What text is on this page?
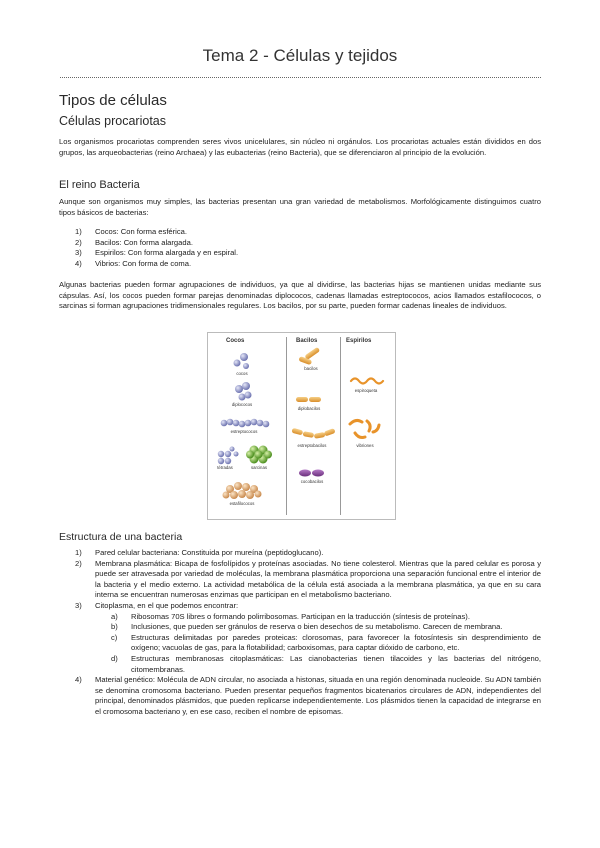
Tema 2 - Células y tejidos
Tipos de células
Células procariotas
Los organismos procariotas comprenden seres vivos unicelulares, sin núcleo ni orgánulos. Los procariotas actuales están divididos en dos grupos, las arqueobacterias (reino Archaea) y las eubacterias (reino Bacteria), que se diferenciaron al principio de la evolución.
El reino Bacteria
Aunque son organismos muy simples, las bacterias presentan una gran variedad de metabolismos. Morfológicamente distinguimos cuatro tipos básicos de bacterias:
1) Cocos: Con forma esférica.
2) Bacilos: Con forma alargada.
3) Espirilos: Con forma alargada y en espiral.
4) Vibrios: Con forma de coma.
Algunas bacterias pueden formar agrupaciones de individuos, ya que al dividirse, las bacterias hijas se mantienen unidas mediante sus cápsulas. Así, los cocos pueden formar parejas denominadas diplococos, cadenas llamadas estreptococos, acios llamados estafilococos, o sarcinas si forman agrupaciones tridimensionales regulares. Los bacilos, por su parte, pueden formar cadenas lineales de individuos.
Cocos	Bacilos	Espirilos
cocos
diplococos
estreptococos
tétradas	sarcinas
estafilococos
bacilos
diplobacilos
estreptobacilos
cocobacilos
espiroqueta
vibriones
Estructura de una bacteria
1) Pared celular bacteriana: Constituida por mureína (peptidoglucano).
2) Membrana plasmática: Bicapa de fosfolípidos y proteínas asociadas. No tiene colesterol. Mientras que la pared celular es porosa y puede ser atravesada por variedad de moléculas, la membrana plasmática proporciona una separación funcional entre el interior de la bacteria y el medio externo. La actividad metabólica de la célula está asociada a la membrana plasmática, ya que en su cara interna se encuentran numerosas enzimas que participan en el metabolismo bacteriano.
3) Citoplasma, en el que podemos encontrar:
a) Ribosomas 70S libres o formando polirribosomas. Participan en la traducción (síntesis de proteínas).
b) Inclusiones, que pueden ser gránulos de reserva o bien desechos de su metabolismo. Carecen de membrana.
c) Estructuras delimitadas por paredes proteicas: clorosomas, para favorecer la fotosíntesis sin desprendimiento de oxígeno; vacuolas de gas, para la flotabilidad; carboxisomas, para captar dióxido de carbono, etc.
d) Estructuras membranosas citoplasmáticas: Las cianobacterias tienen tilacoides y las bacterias del nitrógeno, citomembranas.
4) Material genético: Molécula de ADN circular, no asociada a histonas, situada en una región denominada nucleoide. Su ADN también se denomina cromosoma bacteriano. Pueden presentar pequeños fragmentos bicatenarios circulares de ADN, independientes del principal, denominados plásmidos, que pueden replicarse independientemente. Los plásmidos tienen la capacidad de integrarse en el cromosoma bacteriano y, en ese caso, reciben el nombre de episomas.
